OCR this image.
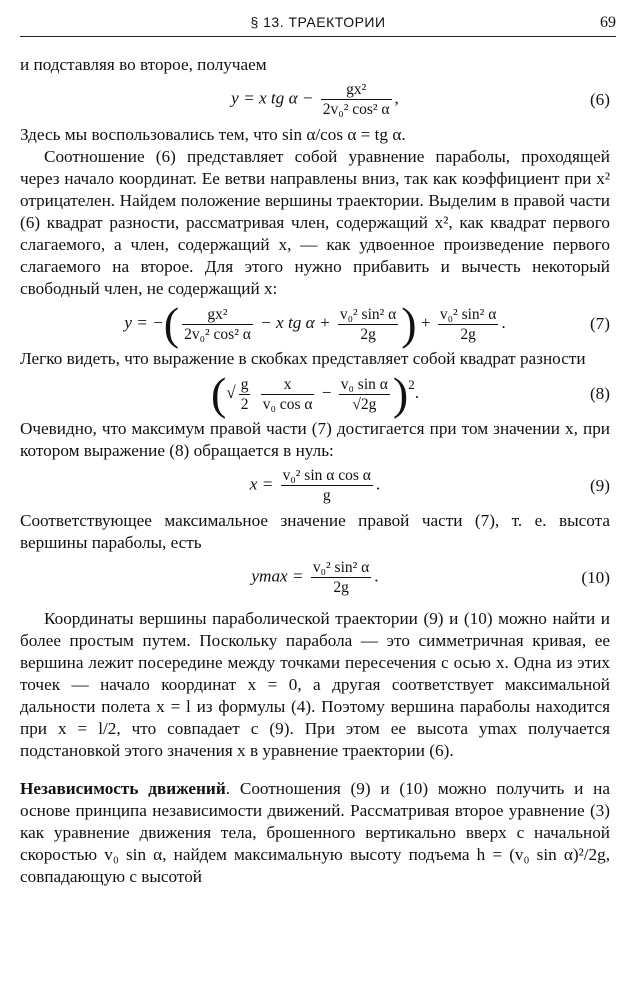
§ 13. ТРАЕКТОРИИ	69

и подставляя во второе, получаем

y = x tg $\alpha - \frac{\text{gx²}}{\text{2v₀² cos² α}}$ ,	(6)

Здесь мы воспользовались тем, что sin α/cos α = tg α.

Соотношение (6) представляет собой уравнение параболы, проходящей через начало координат. Ее ветви направлены вниз, так как коэффициент при x² отрицателен. Найдем положение вершины траектории. Выделим в правой части (6) квадрат разности, рассматривая член, содержащий x², как квадрат первого слагаемого, а член, содержащий x, — как удвоенное произведение первого слагаемого на второе. Для этого нужно прибавить и вычесть некоторый свободный член, не содержащий x:

y = −( $\frac{\text{gx²}}{\text{2v₀² cos² α}} - x$ tg $\alpha + \frac{\text{v₀² sin² α}}{2g}$ ) + $\frac{\text{v₀² sin² α}}{2g}$ .	(7)

Легко видеть, что выражение в скобках представляет собой квадрат разности

(√ $\frac{g}{2}$
$\frac{x}{\text{v₀ cos α}} - \frac{\text{v₀ sin α}}{√2g} )^2$.	(8)

Очевидно, что максимум правой части (7) достигается при том значении x, при котором выражение (8) обращается в нуль:

$x = \frac{\text{v₀² sin α cos α}}{g}$ .	(9)

Соответствующее максимальное значение правой части (7), т. е. высота вершины параболы, есть

$ymax = \frac{\text{v₀² sin² α}}{2g}$ .	(10)

Координаты вершины параболической траектории (9) и (10) можно найти и более простым путем. Поскольку парабола — это симметричная кривая, ее вершина лежит посередине между точками пересечения с осью x. Одна из этих точек — начало координат x = 0, а другая соответствует максимальной дальности полета x = l из формулы (4). Поэтому вершина параболы находится при x = l/2, что совпадает с (9). При этом ее высота ymax получается подстановкой этого значения x в уравнение траектории (6).

Независимость движений. Соотношения (9) и (10) можно получить и на основе принципа независимости движений. Рассматривая второе уравнение (3) как уравнение движения тела, брошенного вертикально вверх с начальной скоростью v₀ sin α, найдем максимальную высоту подъема h = (v₀ sin α)²/2g, совпадающую с высотой
